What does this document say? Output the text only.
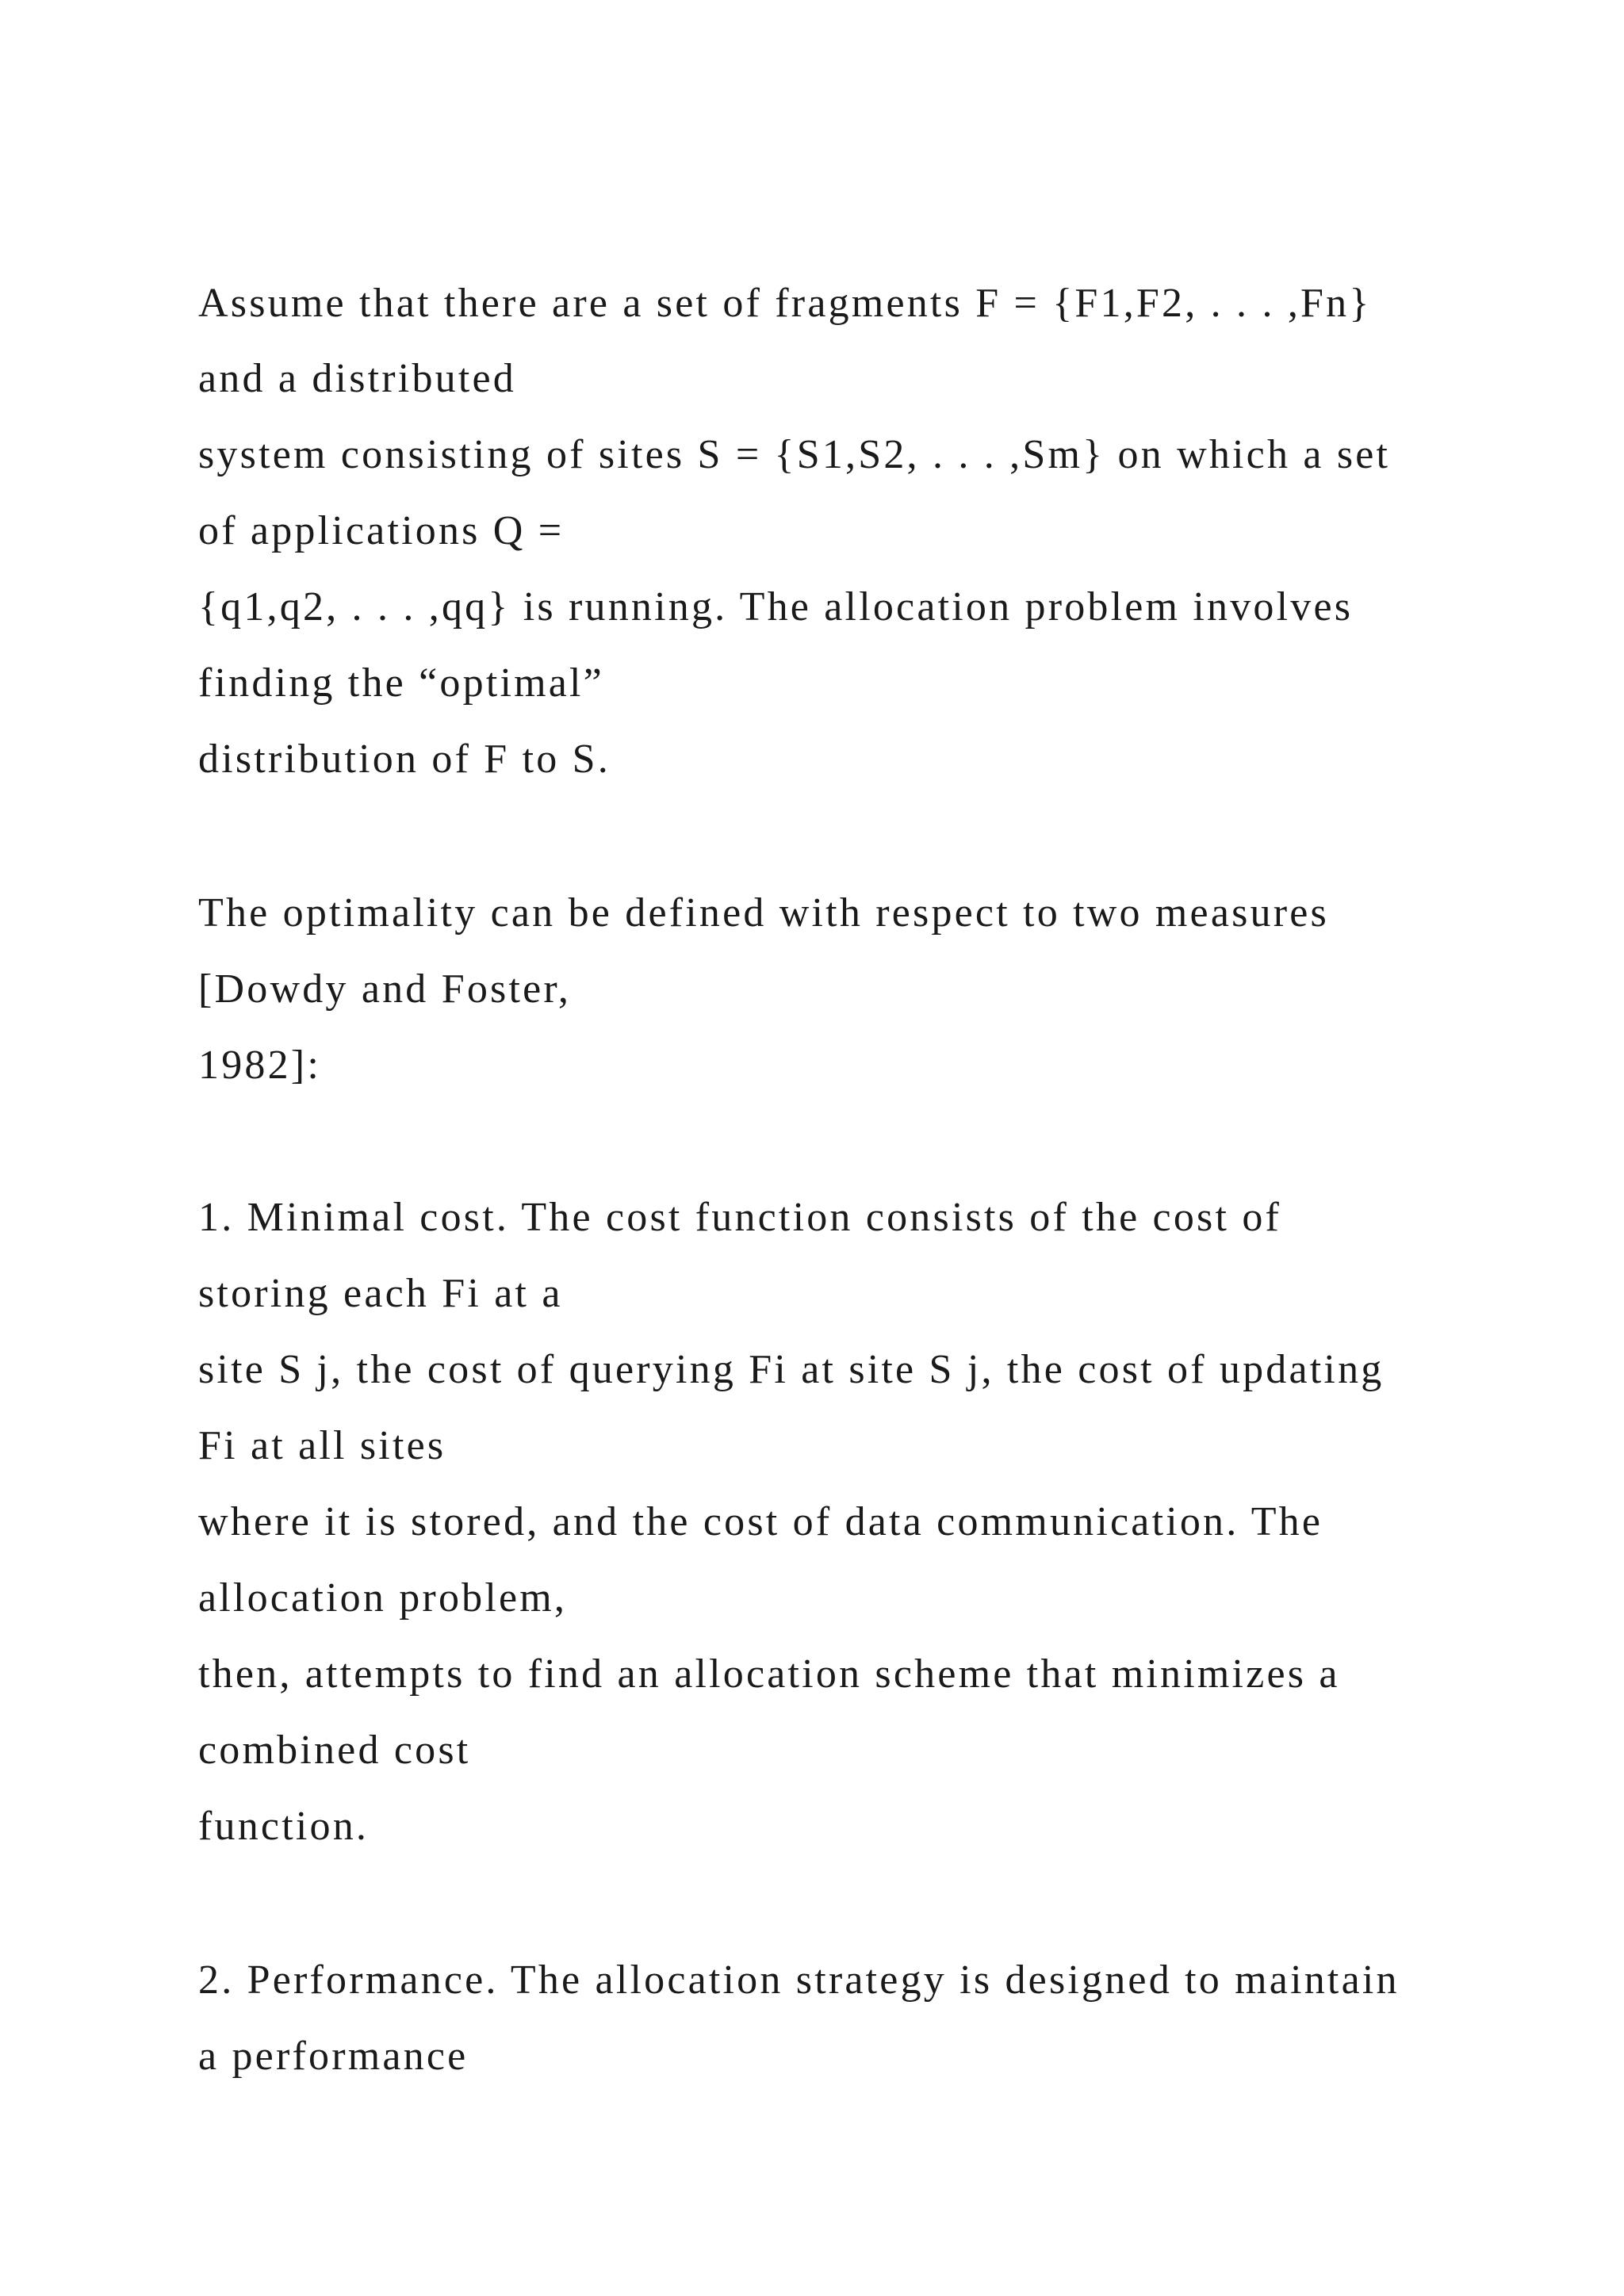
Assume that there are a set of fragments F = {F1,F2, . . . ,Fn}
and a distributed
system consisting of sites S = {S1,S2, . . . ,Sm} on which a set
of applications Q =
{q1,q2, . . . ,qq} is running. The allocation problem involves
finding the “optimal”
distribution of F to S.
The optimality can be defined with respect to two measures
[Dowdy and Foster,
1982]:
1. Minimal cost. The cost function consists of the cost of
storing each Fi at a
site S j, the cost of querying Fi at site S j, the cost of updating
Fi at all sites
where it is stored, and the cost of data communication. The
allocation problem,
then, attempts to find an allocation scheme that minimizes a
combined cost
function.
2. Performance. The allocation strategy is designed to maintain
a performance
